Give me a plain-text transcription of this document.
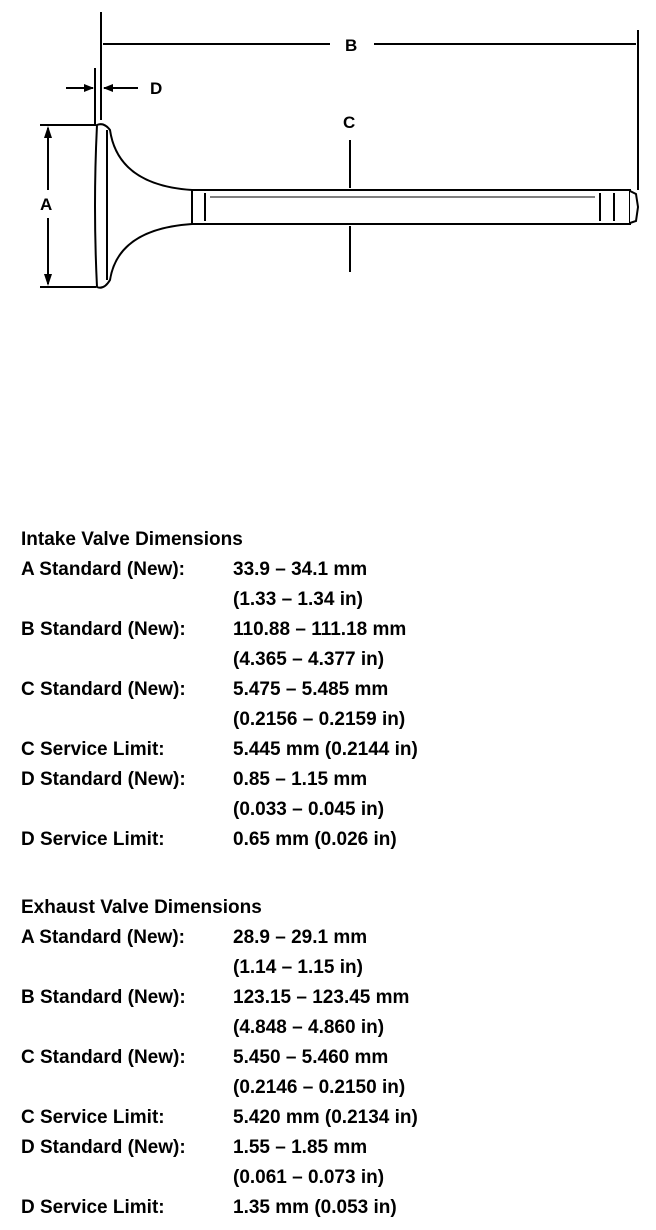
B
D
A
C
Intake Valve Dimensions
A Standard (New):	33.9 – 34.1 mm
(1.33 – 1.34 in)
B Standard (New):	110.88 – 111.18 mm
(4.365 – 4.377 in)
C Standard (New):	5.475 – 5.485 mm
(0.2156 – 0.2159 in)
C Service Limit:	5.445 mm (0.2144 in)
D Standard (New):	0.85 – 1.15 mm
(0.033 – 0.045 in)
D Service Limit:	0.65 mm (0.026 in)
Exhaust Valve Dimensions
A Standard (New):	28.9 – 29.1 mm
(1.14 – 1.15 in)
B Standard (New):	123.15 – 123.45 mm
(4.848 – 4.860 in)
C Standard (New):	5.450 – 5.460 mm
(0.2146 – 0.2150 in)
C Service Limit:	5.420 mm (0.2134 in)
D Standard (New):	1.55 – 1.85 mm
(0.061 – 0.073 in)
D Service Limit:	1.35 mm (0.053 in)
